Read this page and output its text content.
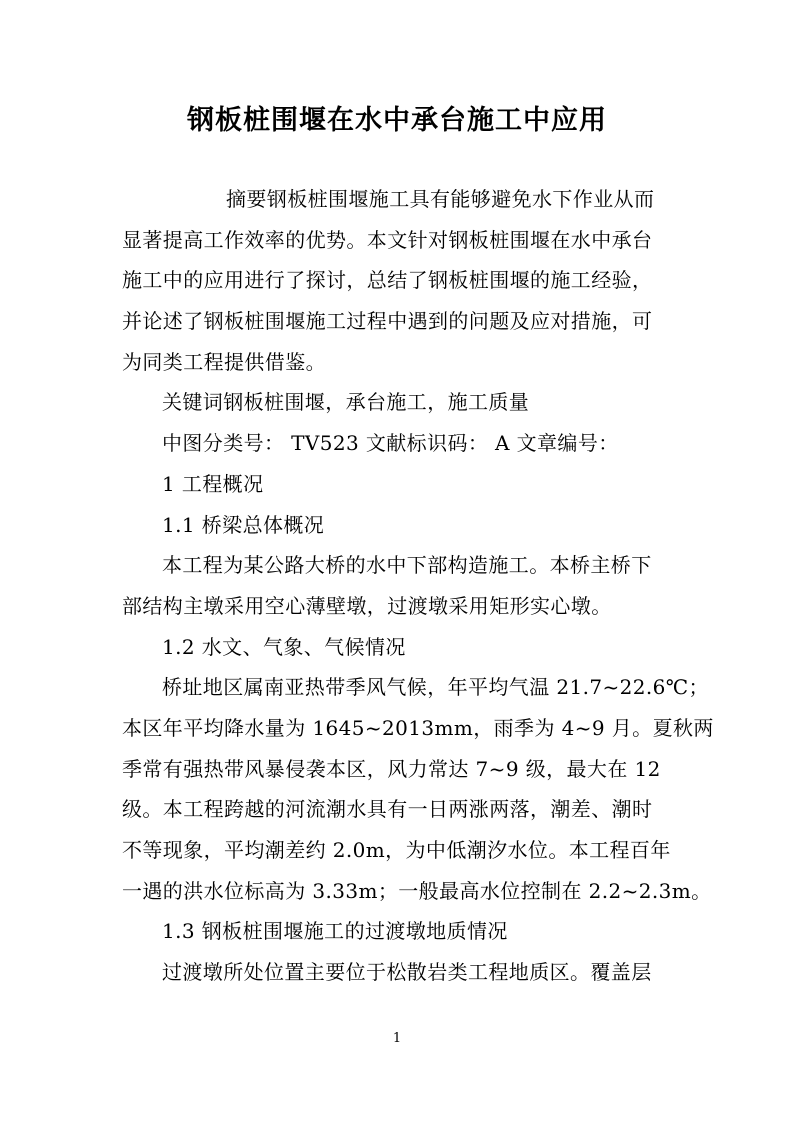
钢板桩围堰在水中承台施工中应用
摘要钢板桩围堰施工具有能够避免水下作业从而
显著提高工作效率的优势。本文针对钢板桩围堰在水中承台
施工中的应用进行了探讨，总结了钢板桩围堰的施工经验，
并论述了钢板桩围堰施工过程中遇到的问题及应对措施，可
为同类工程提供借鉴。
关键词钢板桩围堰，承台施工，施工质量
中图分类号： TV523 文献标识码： A 文章编号：
1 工程概况
1.1 桥梁总体概况
本工程为某公路大桥的水中下部构造施工。本桥主桥下
部结构主墩采用空心薄壁墩，过渡墩采用矩形实心墩。
1.2 水文、气象、气候情况
桥址地区属南亚热带季风气候，年平均气温 21.7~22.6℃；
本区年平均降水量为 1645~2013mm，雨季为 4~9 月。夏秋两
季常有强热带风暴侵袭本区，风力常达 7~9 级，最大在 12
级。本工程跨越的河流潮水具有一日两涨两落，潮差、潮时
不等现象，平均潮差约 2.0m，为中低潮汐水位。本工程百年
一遇的洪水位标高为 3.33m；一般最高水位控制在 2.2~2.3m。
1.3 钢板桩围堰施工的过渡墩地质情况
过渡墩所处位置主要位于松散岩类工程地质区。覆盖层
1
